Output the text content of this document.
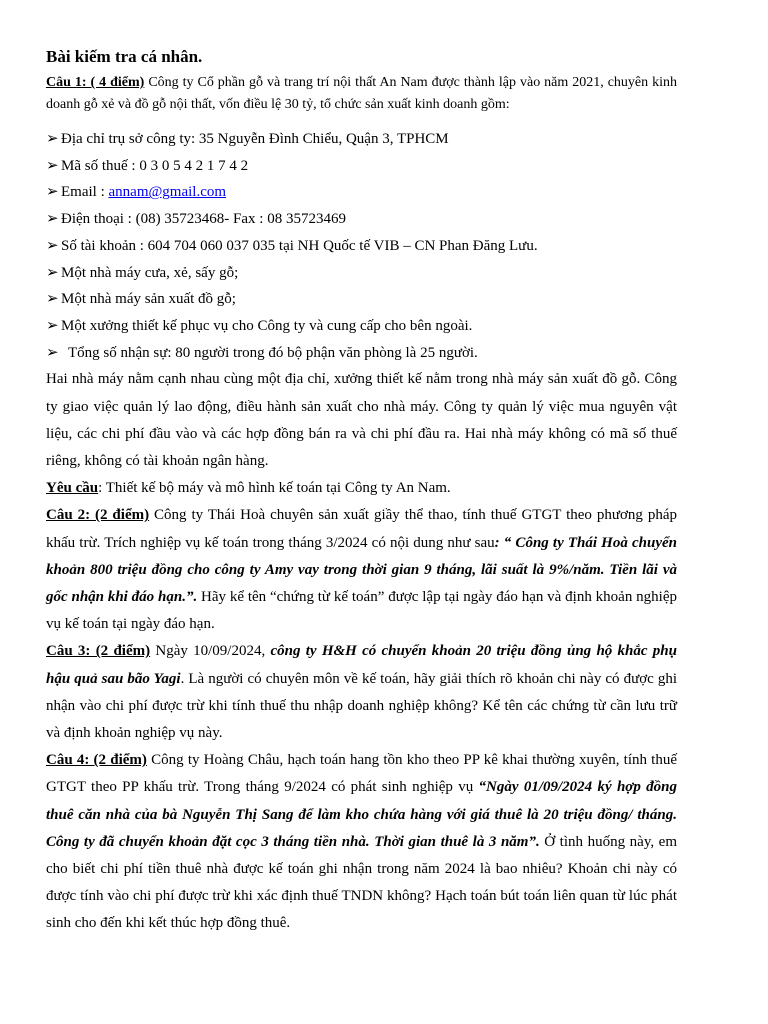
Bài kiếm tra cá nhân.

Câu 1: ( 4 điểm) Công ty Cổ phần gỗ và trang trí nội thất An Nam được thành lập vào năm 2021, chuyên kinh doanh gỗ xẻ và đồ gỗ nội thất, vốn điều lệ 30 tỷ, tổ chức sản xuất kinh doanh gồm:

➢ Địa chỉ trụ sở công ty: 35 Nguyễn Đình Chiểu, Quận 3, TPHCM
➢ Mã số thuế : 0 3 0 5 4 2 1 7 4 2
➢ Email : annam@gmail.com
➢ Điện thoại : (08) 35723468- Fax : 08 35723469
➢ Số tài khoản : 604 704 060 037 035 tại NH Quốc tế VIB – CN Phan Đăng Lưu.
➢ Một nhà máy cưa, xẻ, sấy gỗ;
➢ Một nhà máy sản xuất đồ gỗ;
➢ Một xưởng thiết kế phục vụ cho Công ty và cung cấp cho bên ngoài.
➢ Tổng số nhận sự: 80 người trong đó bộ phận văn phòng là 25 người.

Hai nhà máy nằm cạnh nhau cùng một địa chỉ, xưởng thiết kế nằm trong nhà máy sản xuất đồ gỗ. Công ty giao việc quản lý lao động, điều hành sản xuất cho nhà máy. Công ty quản lý việc mua nguyên vật liệu, các chi phí đầu vào và các hợp đồng bán ra và chi phí đầu ra. Hai nhà máy không có mã số thuế riêng, không có tài khoản ngân hàng.

Yêu cầu: Thiết kế bộ máy và mô hình kế toán tại Công ty An Nam.

Câu 2: (2 điểm) Công ty Thái Hoà chuyên sản xuất giầy thể thao, tính thuế GTGT theo phương pháp khấu trừ. Trích nghiệp vụ kế toán trong tháng 3/2024 có nội dung như sau: “ Công ty Thái Hoà chuyển khoản 800 triệu đồng cho công ty Amy vay trong thời gian 9 tháng, lãi suất là 9%/năm. Tiền lãi và gốc nhận khi đáo hạn.”. Hãy kể tên “chứng từ kế toán” được lập tại ngày đáo hạn và định khoản nghiệp vụ kế toán tại ngày đáo hạn.

Câu 3: (2 điểm) Ngày 10/09/2024, công ty H&H có chuyển khoản 20 triệu đồng ủng hộ khắc phụ hậu quả sau bão Yagi. Là người có chuyên môn về kế toán, hãy giải thích rõ khoản chi này có được ghi nhận vào chi phí được trừ khi tính thuế thu nhập doanh nghiệp không? Kể tên các chứng từ cần lưu trữ và định khoản nghiệp vụ này.

Câu 4: (2 điểm) Công ty Hoàng Châu, hạch toán hang tồn kho theo PP kê khai thường xuyên, tính thuế GTGT theo PP khấu trừ. Trong tháng 9/2024 có phát sinh nghiệp vụ “Ngày 01/09/2024 ký hợp đồng thuê căn nhà của bà Nguyễn Thị Sang để làm kho chứa hàng với giá thuê là 20 triệu đồng/ tháng. Công ty đã chuyển khoản đặt cọc 3 tháng tiền nhà. Thời gian thuê là 3 năm”. Ở tình huống này, em cho biết chi phí tiền thuê nhà được kế toán ghi nhận trong năm 2024 là bao nhiêu? Khoản chi này có được tính vào chi phí được trừ khi xác định thuế TNDN không? Hạch toán bút toán liên quan từ lúc phát sinh cho đến khi kết thúc hợp đồng thuê.
